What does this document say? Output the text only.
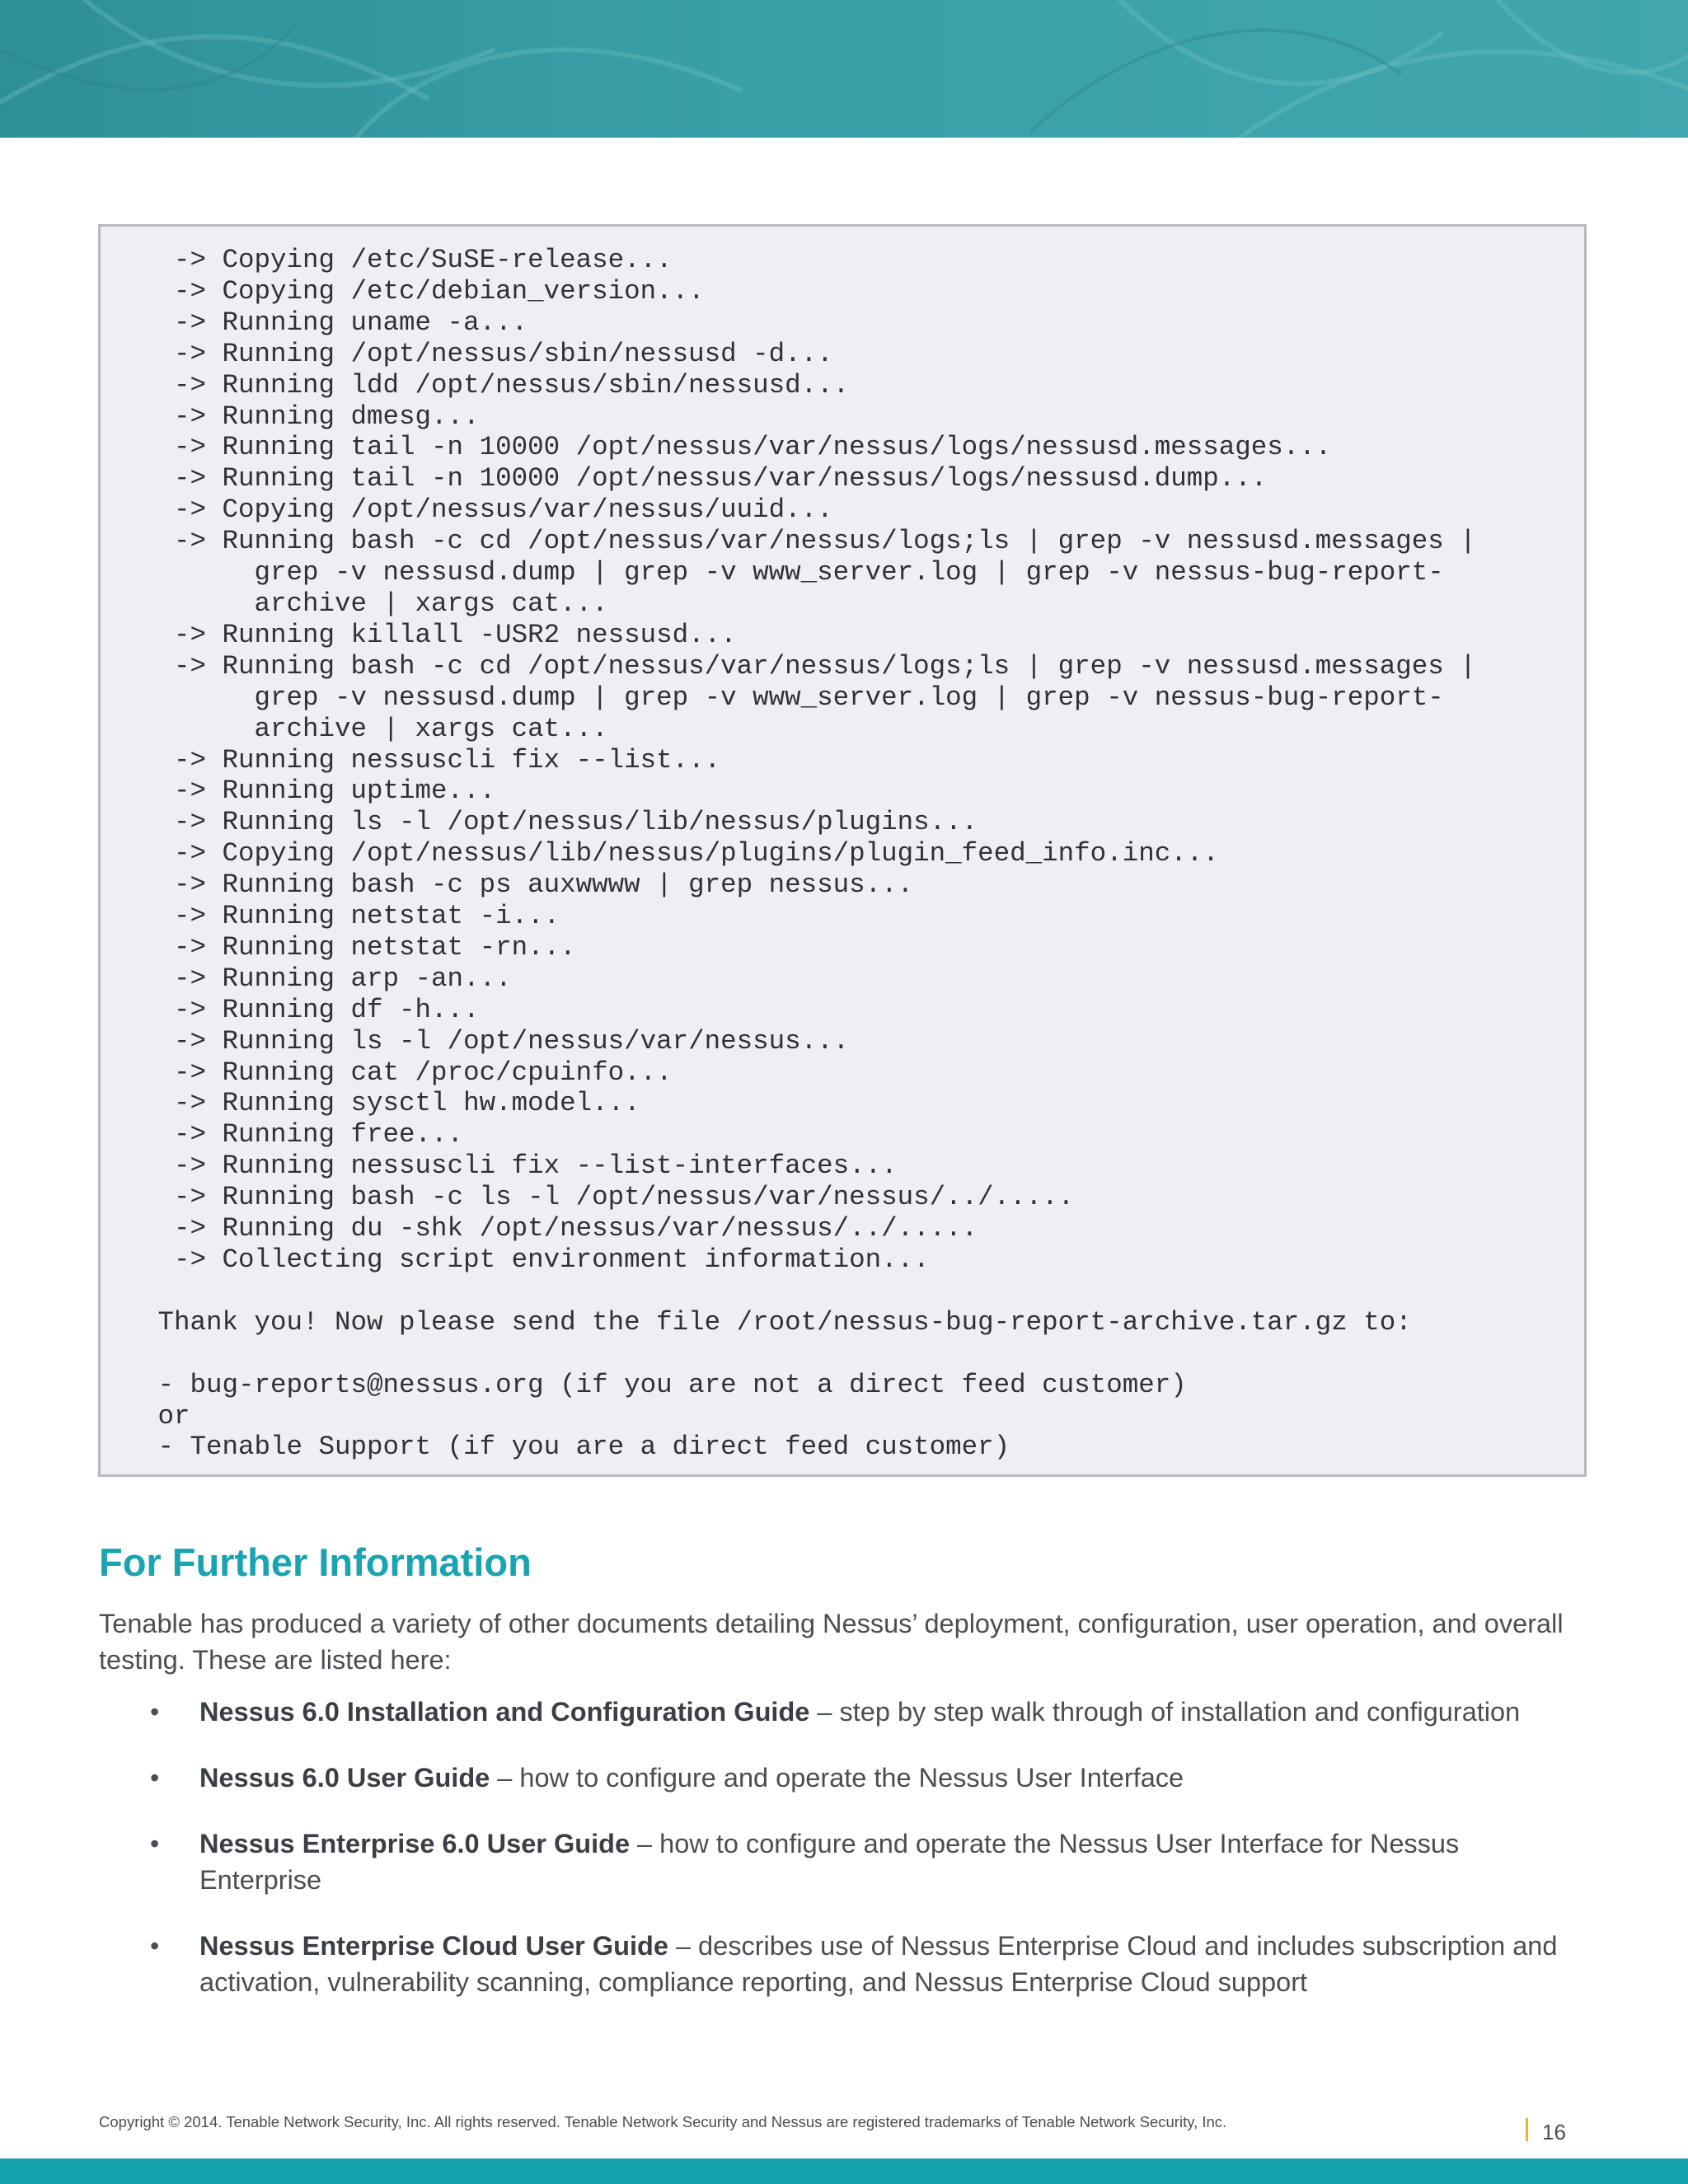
-> Copying /etc/SuSE-release...
-> Copying /etc/debian_version...
-> Running uname -a...
-> Running /opt/nessus/sbin/nessusd -d...
-> Running ldd /opt/nessus/sbin/nessusd...
-> Running dmesg...
-> Running tail -n 10000 /opt/nessus/var/nessus/logs/nessusd.messages...
-> Running tail -n 10000 /opt/nessus/var/nessus/logs/nessusd.dump...
-> Copying /opt/nessus/var/nessus/uuid...
-> Running bash -c cd /opt/nessus/var/nessus/logs;ls | grep -v nessusd.messages |
grep -v nessusd.dump | grep -v www_server.log | grep -v nessus-bug-report-
archive | xargs cat...
-> Running killall -USR2 nessusd...
-> Running bash -c cd /opt/nessus/var/nessus/logs;ls | grep -v nessusd.messages |
grep -v nessusd.dump | grep -v www_server.log | grep -v nessus-bug-report-
archive | xargs cat...
-> Running nessuscli fix --list...
-> Running uptime...
-> Running ls -l /opt/nessus/lib/nessus/plugins...
-> Copying /opt/nessus/lib/nessus/plugins/plugin_feed_info.inc...
-> Running bash -c ps auxwwww | grep nessus...
-> Running netstat -i...
-> Running netstat -rn...
-> Running arp -an...
-> Running df -h...
-> Running ls -l /opt/nessus/var/nessus...
-> Running cat /proc/cpuinfo...
-> Running sysctl hw.model...
-> Running free...
-> Running nessuscli fix --list-interfaces...
-> Running bash -c ls -l /opt/nessus/var/nessus/../.....
-> Running du -shk /opt/nessus/var/nessus/../.....
-> Collecting script environment information...

Thank you! Now please send the file /root/nessus-bug-report-archive.tar.gz to:

- bug-reports@nessus.org (if you are not a direct feed customer)
or
- Tenable Support (if you are a direct feed customer)

For Further Information

Tenable has produced a variety of other documents detailing Nessus’ deployment, configuration, user operation, and overall testing. These are listed here:

• Nessus 6.0 Installation and Configuration Guide – step by step walk through of installation and configuration
• Nessus 6.0 User Guide – how to configure and operate the Nessus User Interface
• Nessus Enterprise 6.0 User Guide – how to configure and operate the Nessus User Interface for Nessus Enterprise
• Nessus Enterprise Cloud User Guide – describes use of Nessus Enterprise Cloud and includes subscription and activation, vulnerability scanning, compliance reporting, and Nessus Enterprise Cloud support
Copyright © 2014. Tenable Network Security, Inc. All rights reserved. Tenable Network Security and Nessus are registered trademarks of Tenable Network Security, Inc.	16
